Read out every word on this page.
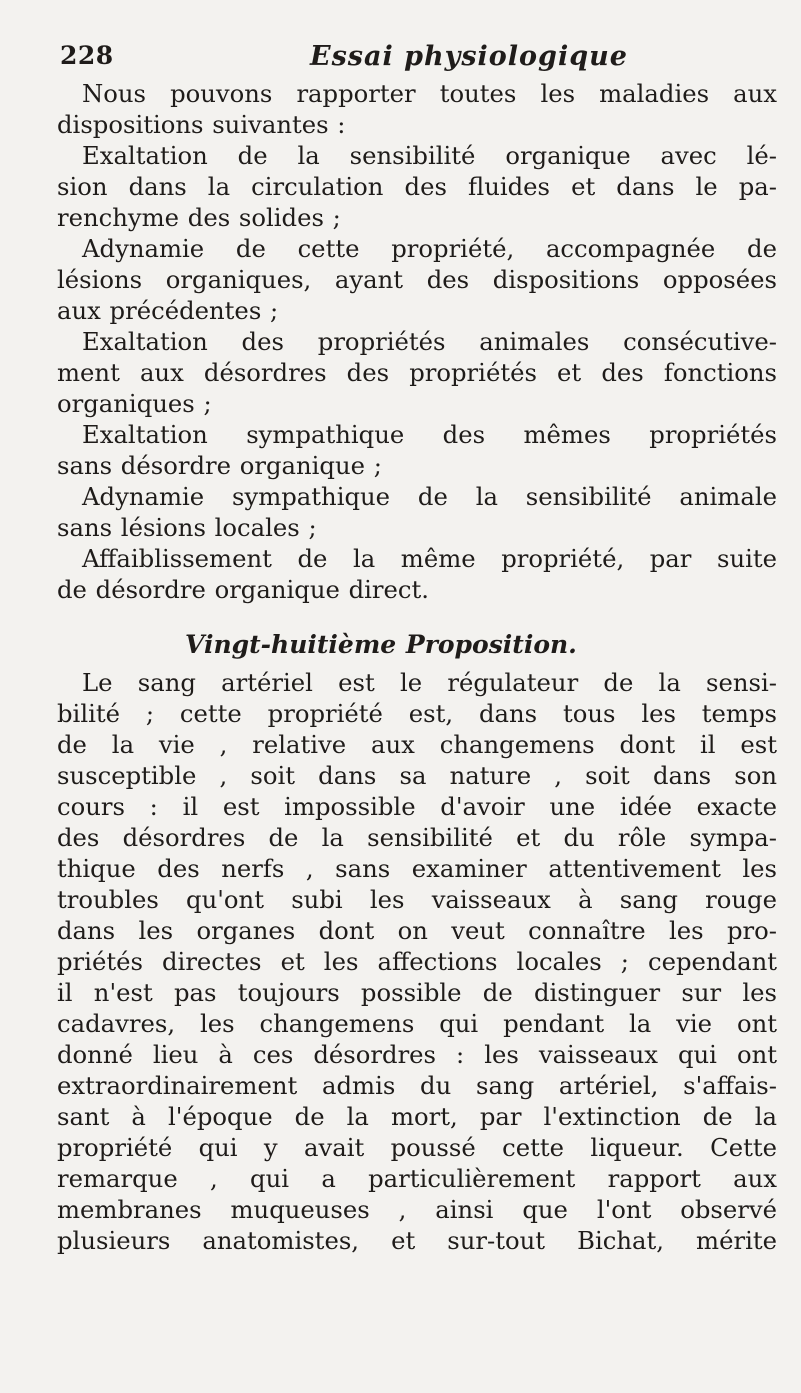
228	Essai physiologique
Nous pouvons rapporter toutes les maladies aux
dispositions suivantes :
Exaltation de la sensibilité organique avec lé-
sion dans la circulation des fluides et dans le pa-
renchyme des solides ;
Adynamie de cette propriété, accompagnée de
lésions organiques, ayant des dispositions opposées
aux précédentes ;
Exaltation des propriétés animales consécutive-
ment aux désordres des propriétés et des fonctions
organiques ;
Exaltation sympathique des mêmes propriétés
sans désordre organique ;
Adynamie sympathique de la sensibilité animale
sans lésions locales ;
Affaiblissement de la même propriété, par suite
de désordre organique direct.
Vingt-huitième Proposition.
Le sang artériel est le régulateur de la sensi-
bilité ; cette propriété est, dans tous les temps
de la vie , relative aux changemens dont il est
susceptible , soit dans sa nature , soit dans son
cours : il est impossible d'avoir une idée exacte
des désordres de la sensibilité et du rôle sympa-
thique des nerfs , sans examiner attentivement les
troubles qu'ont subi les vaisseaux à sang rouge
dans les organes dont on veut connaître les pro-
priétés directes et les affections locales ; cependant
il n'est pas toujours possible de distinguer sur les
cadavres, les changemens qui pendant la vie ont
donné lieu à ces désordres : les vaisseaux qui ont
extraordinairement admis du sang artériel, s'affais-
sant à l'époque de la mort, par l'extinction de la
propriété qui y avait poussé cette liqueur. Cette
remarque , qui a particulièrement rapport aux
membranes muqueuses , ainsi que l'ont observé
plusieurs anatomistes, et sur-tout Bichat, mérite
